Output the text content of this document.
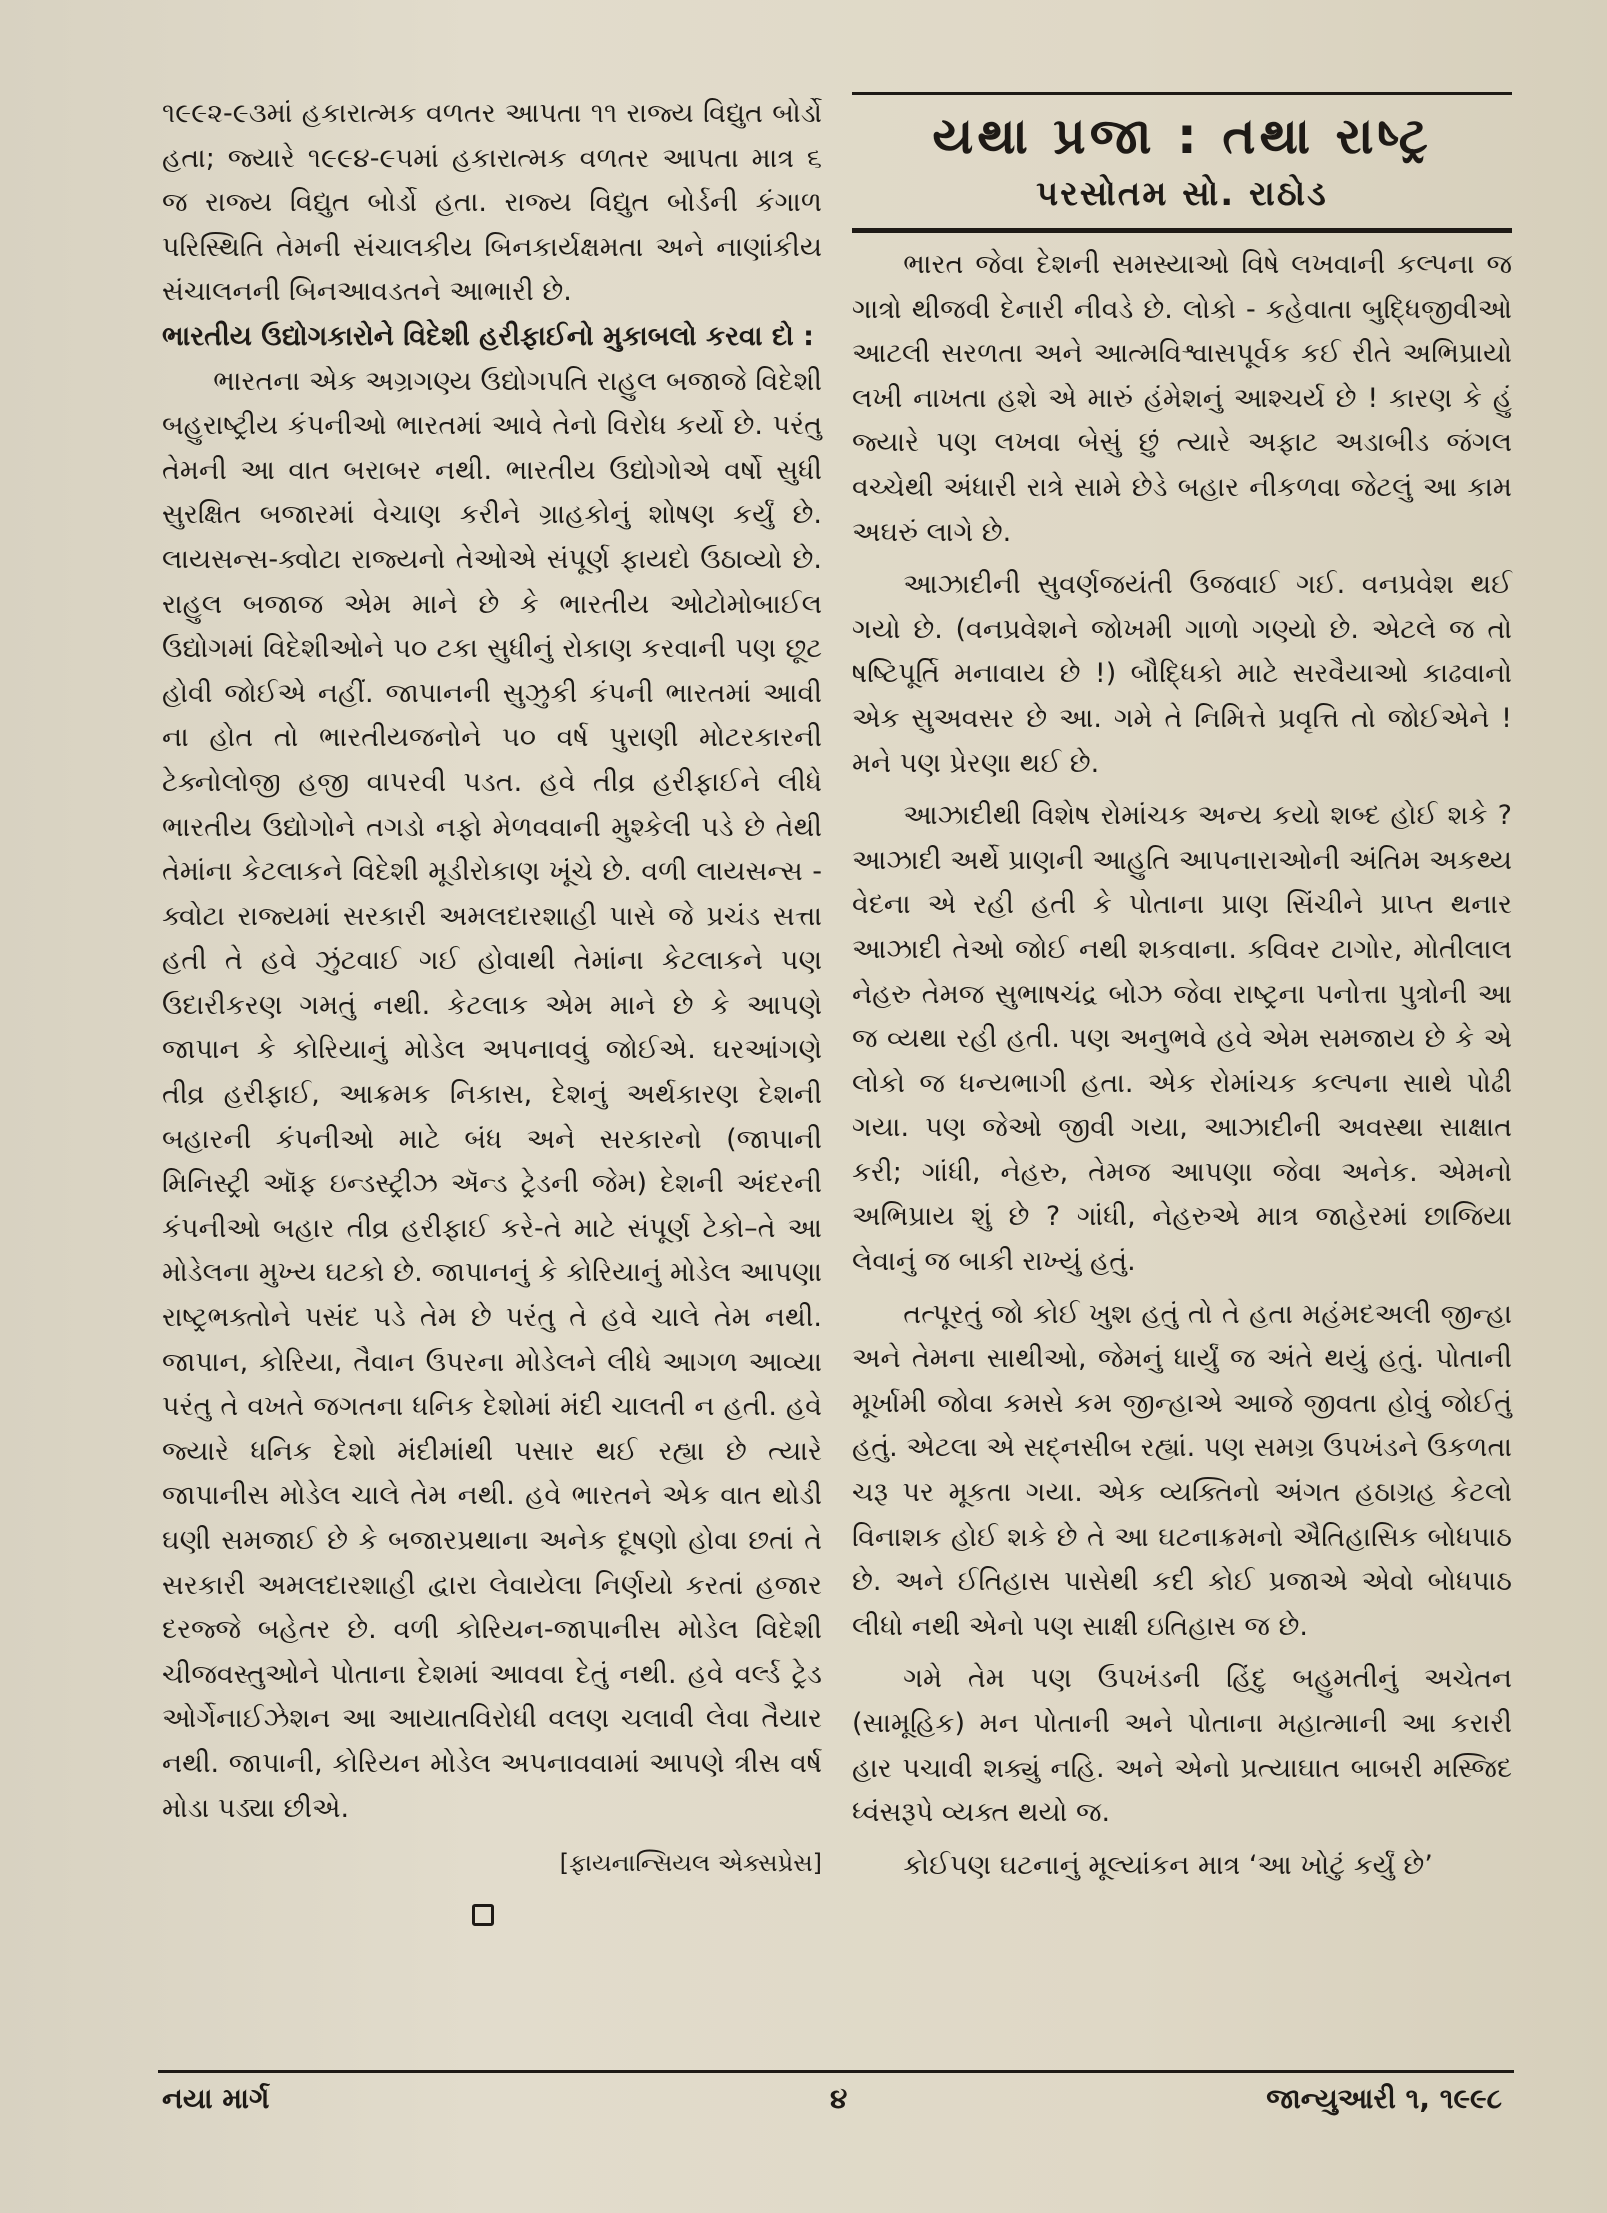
૧૯૯૨-૯૩માં હકારાત્મક વળતર આપતા ૧૧ રાજ્ય વિદ્યુત બોર્ડો હતા; જ્યારે ૧૯૯૪-૯૫માં હકારાત્મક વળતર આપતા માત્ર ૬ જ રાજ્ય વિદ્યુત બોર્ડો હતા. રાજ્ય વિદ્યુત બોર્ડની કંગાળ પરિસ્થિતિ તેમની સંચાલકીય બિનકાર્યક્ષમતા અને નાણાંકીય સંચાલનની બિનઆવડતને આભારી છે.

ભારતીય ઉદ્યોગકારોને વિદેશી હરીફાઈનો મુકાબલો કરવા દો :

ભારતના એક અગ્રગણ્ય ઉદ્યોગપતિ રાહુલ બજાજે વિદેશી બહુરાષ્ટ્રીય કંપનીઓ ભારતમાં આવે તેનો વિરોધ કર્યો છે. પરંતુ તેમની આ વાત બરાબર નથી. ભારતીય ઉદ્યોગોએ વર્ષો સુધી સુરક્ષિત બજારમાં વેચાણ કરીને ગ્રાહકોનું શોષણ કર્યું છે. લાયસન્સ-ક્વોટા રાજ્યનો તેઓએ સંપૂર્ણ ફાયદો ઉઠાવ્યો છે. રાહુલ બજાજ એમ માને છે કે ભારતીય ઓટોમોબાઈલ ઉદ્યોગમાં વિદેશીઓને ૫૦ ટકા સુધીનું રોકાણ કરવાની પણ છૂટ હોવી જોઈએ નહીં. જાપાનની સુઝુકી કંપની ભારતમાં આવી ના હોત તો ભારતીયજનોને ૫૦ વર્ષ પુરાણી મોટરકારની ટેક્નોલોજી હજી વાપરવી પડત. હવે તીવ્ર હરીફાઈને લીધે ભારતીય ઉદ્યોગોને તગડો નફો મેળવવાની મુશ્કેલી પડે છે તેથી તેમાંના કેટલાકને વિદેશી મૂડીરોકાણ ખૂંચે છે. વળી લાયસન્સ - ક્વોટા રાજ્યમાં સરકારી અમલદારશાહી પાસે જે પ્રચંડ સત્તા હતી તે હવે ઝુંટવાઈ ગઈ હોવાથી તેમાંના કેટલાકને પણ ઉદારીકરણ ગમતું નથી. કેટલાક એમ માને છે કે આપણે જાપાન કે કોરિયાનું મોડેલ અપનાવવું જોઈએ. ઘરઆંગણે તીવ્ર હરીફાઈ, આક્રમક નિકાસ, દેશનું અર્થકારણ દેશની બહારની કંપનીઓ માટે બંધ અને સરકારનો (જાપાની મિનિસ્ટ્રી ઑફ ઇન્ડસ્ટ્રીઝ ઍન્ડ ટ્રેડની જેમ) દેશની અંદરની કંપનીઓ બહાર તીવ્ર હરીફાઈ કરે-તે માટે સંપૂર્ણ ટેકો–તે આ મોડેલના મુખ્ય ઘટકો છે. જાપાનનું કે કોરિયાનું મોડેલ આપણા રાષ્ટ્રભક્તોને પસંદ પડે તેમ છે પરંતુ તે હવે ચાલે તેમ નથી. જાપાન, કોરિયા, તૈવાન ઉપરના મોડેલને લીધે આગળ આવ્યા પરંતુ તે વખતે જગતના ધનિક દેશોમાં મંદી ચાલતી ન હતી. હવે જ્યારે ધનિક દેશો મંદીમાંથી પસાર થઈ રહ્યા છે ત્યારે જાપાનીસ મોડેલ ચાલે તેમ નથી. હવે ભારતને એક વાત થોડી ઘણી સમજાઈ છે કે બજારપ્રથાના અનેક દૂષણો હોવા છતાં તે સરકારી અમલદારશાહી દ્વારા લેવાયેલા નિર્ણયો કરતાં હજાર દરજ્જે બહેતર છે. વળી કોરિયન-જાપાનીસ મોડેલ વિદેશી ચીજવસ્તુઓને પોતાના દેશમાં આવવા દેતું નથી. હવે વર્લ્ડ ટ્રેડ ઓર્ગેનાઈઝેશન આ આયાતવિરોધી વલણ ચલાવી લેવા તૈયાર નથી. જાપાની, કોરિયન મોડેલ અપનાવવામાં આપણે ત્રીસ વર્ષ મોડા પડ્યા છીએ.

[ફાયનાન્સિયલ એક્સપ્રેસ]

યથા પ્રજા : તથા રાષ્ટ્ર
પરસોતમ સો. રાઠોડ

ભારત જેવા દેશની સમસ્યાઓ વિષે લખવાની કલ્પના જ ગાત્રો થીજવી દેનારી નીવડે છે. લોકો - કહેવાતા બુદ્ધિજીવીઓ આટલી સરળતા અને આત્મવિશ્વાસપૂર્વક કઈ રીતે અભિપ્રાયો લખી નાખતા હશે એ મારું હંમેશનું આશ્ચર્ય છે ! કારણ કે હું જ્યારે પણ લખવા બેસું છું ત્યારે અફાટ અડાબીડ જંગલ વચ્ચેથી અંધારી રાત્રે સામે છેડે બહાર નીકળવા જેટલું આ કામ અઘરું લાગે છે.

આઝાદીની સુવર્ણજયંતી ઉજવાઈ ગઈ. વનપ્રવેશ થઈ ગયો છે. (વનપ્રવેશને જોખમી ગાળો ગણ્યો છે. એટલે જ તો ષષ્ટિપૂર્તિ મનાવાય છે !) બૌદ્ધિકો માટે સરવૈયાઓ કાઢવાનો એક સુઅવસર છે આ. ગમે તે નિમિત્તે પ્રવૃત્તિ તો જોઈએને ! મને પણ પ્રેરણા થઈ છે.

આઝાદીથી વિશેષ રોમાંચક અન્ય કયો શબ્દ હોઈ શકે ? આઝાદી અર્થે પ્રાણની આહુતિ આપનારાઓની અંતિમ અકથ્ય વેદના એ રહી હતી કે પોતાના પ્રાણ સિંચીને પ્રાપ્ત થનાર આઝાદી તેઓ જોઈ નથી શકવાના. કવિવર ટાગોર, મોતીલાલ નેહરુ તેમજ સુભાષચંદ્ર બોઝ જેવા રાષ્ટ્રના પનોત્તા પુત્રોની આ જ વ્યથા રહી હતી. પણ અનુભવે હવે એમ સમજાય છે કે એ લોકો જ ધન્યભાગી હતા. એક રોમાંચક કલ્પના સાથે પોઢી ગયા. પણ જેઓ જીવી ગયા, આઝાદીની અવસ્થા સાક્ષાત કરી; ગાંધી, નેહરુ, તેમજ આપણા જેવા અનેક. એમનો અભિપ્રાય શું છે ? ગાંધી, નેહરુએ માત્ર જાહેરમાં છાજિયા લેવાનું જ બાકી રાખ્યું હતું.

તત્પૂરતું જો કોઈ ખુશ હતું તો તે હતા મહંમદઅલી જીન્હા અને તેમના સાથીઓ, જેમનું ધાર્યું જ અંતે થયું હતું. પોતાની મૂર્ખામી જોવા કમસે કમ જીન્હાએ આજે જીવતા હોવું જોઈતું હતું. એટલા એ સદ્નસીબ રહ્યાં. પણ સમગ્ર ઉપખંડને ઉકળતા ચરૂ પર મૂકતા ગયા. એક વ્યક્તિનો અંગત હઠાગ્રહ કેટલો વિનાશક હોઈ શકે છે તે આ ઘટનાક્રમનો ઐતિહાસિક બોધપાઠ છે. અને ઈતિહાસ પાસેથી કદી કોઈ પ્રજાએ એવો બોધપાઠ લીધો નથી એનો પણ સાક્ષી ઇતિહાસ જ છે.

ગમે તેમ પણ ઉપખંડની હિંદુ બહુમતીનું અચેતન (સામૂહિક) મન પોતાની અને પોતાના મહાત્માની આ કરારી હાર પચાવી શક્યું નહિ. અને એનો પ્રત્યાઘાત બાબરી મસ્જિદ ધ્વંસરૂપે વ્યક્ત થયો જ.

કોઈપણ ઘટનાનું મૂલ્યાંકન માત્ર ‘આ ખોટું કર્યું છે’

નયા માર્ગ	૪	જાન્યુઆરી ૧, ૧૯૯૮
